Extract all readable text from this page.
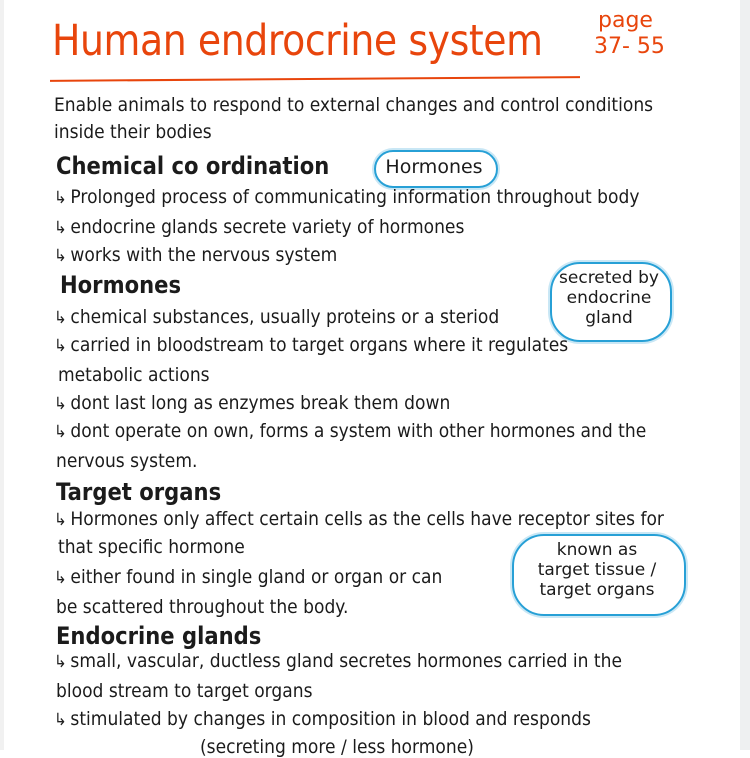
Human endrocrine system	page
37- 55
Enable animals to respond to external changes and control conditions
inside their bodies
Chemical co ordination	Hormones
↳ Prolonged process of communicating information throughout body
↳ endocrine glands secrete variety of hormones
↳ works with the nervous system
Hormones	secreted by
endocrine
gland
↳ chemical substances, usually proteins or a steriod
↳ carried in bloodstream to target organs where it regulates
metabolic actions
↳ dont last long as enzymes break them down
↳ dont operate on own, forms a system with other hormones and the
nervous system.
Target organs
↳ Hormones only affect certain cells as the cells have receptor sites for
that specific hormone
↳ either found in single gland or organ or can
be scattered throughout the body.
known as
target tissue /
target organs
Endocrine glands
↳ small, vascular, ductless gland secretes hormones carried in the
blood stream to target organs
↳ stimulated by changes in composition in blood and responds
(secreting more / less hormone)
